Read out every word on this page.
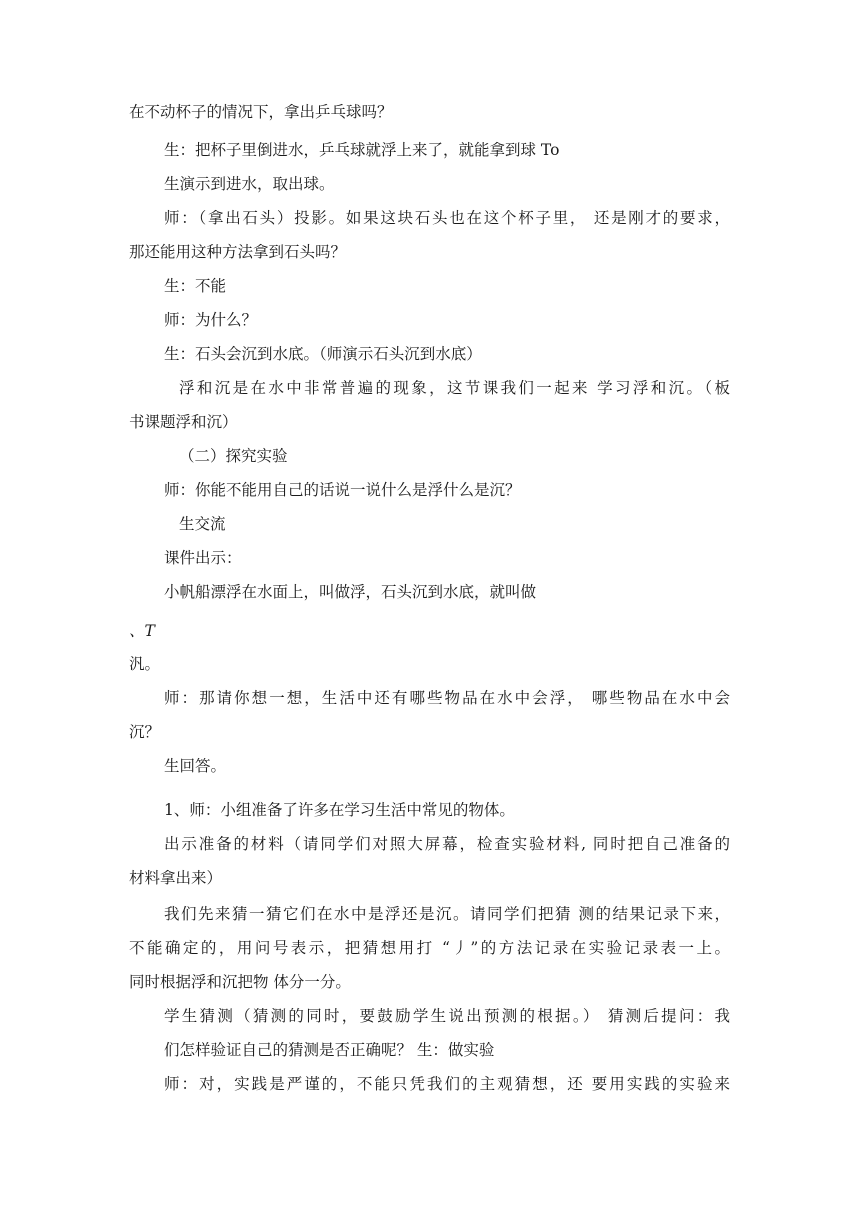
在不动杯子的情况下，拿出乒乓球吗？
生：把杯子里倒进水，乒乓球就浮上来了，就能拿到球 To
生演示到进水，取出球。
师：（拿出石头）投影。如果这块石头也在这个杯子里， 还是刚才的要求，
那还能用这种方法拿到石头吗？
生：不能
师：为什么？
生：石头会沉到水底。（师演示石头沉到水底）
浮和沉是在水中非常普遍的现象，这节课我们一起来 学习浮和沉。（板
书课题浮和沉）
（二）探究实验
师：你能不能用自己的话说一说什么是浮什么是沉？
生交流
课件出示：
小帆船漂浮在水面上，叫做浮，石头沉到水底，就叫做
、T
汎。
师：那请你想一想，生活中还有哪些物品在水中会浮， 哪些物品在水中会
沉？
生回答。
1、师：小组准备了许多在学习生活中常见的物体。
出示准备的材料（请同学们对照大屏幕，检查实验材料, 同时把自己准备的
材料拿出来）
我们先来猜一猜它们在水中是浮还是沉。请同学们把猜 测的结果记录下来，
不能确定的，用问号表示，把猜想用打 “丿”的方法记录在实验记录表一上。
同时根据浮和沉把物 体分一分。
学生猜测（猜测的同时，要鼓励学生说出预测的根据。） 猜测后提问：我
们怎样验证自己的猜测是否正确呢？ 生：做实验
师：对，实践是严谨的，不能只凭我们的主观猜想，还 要用实践的实验来
